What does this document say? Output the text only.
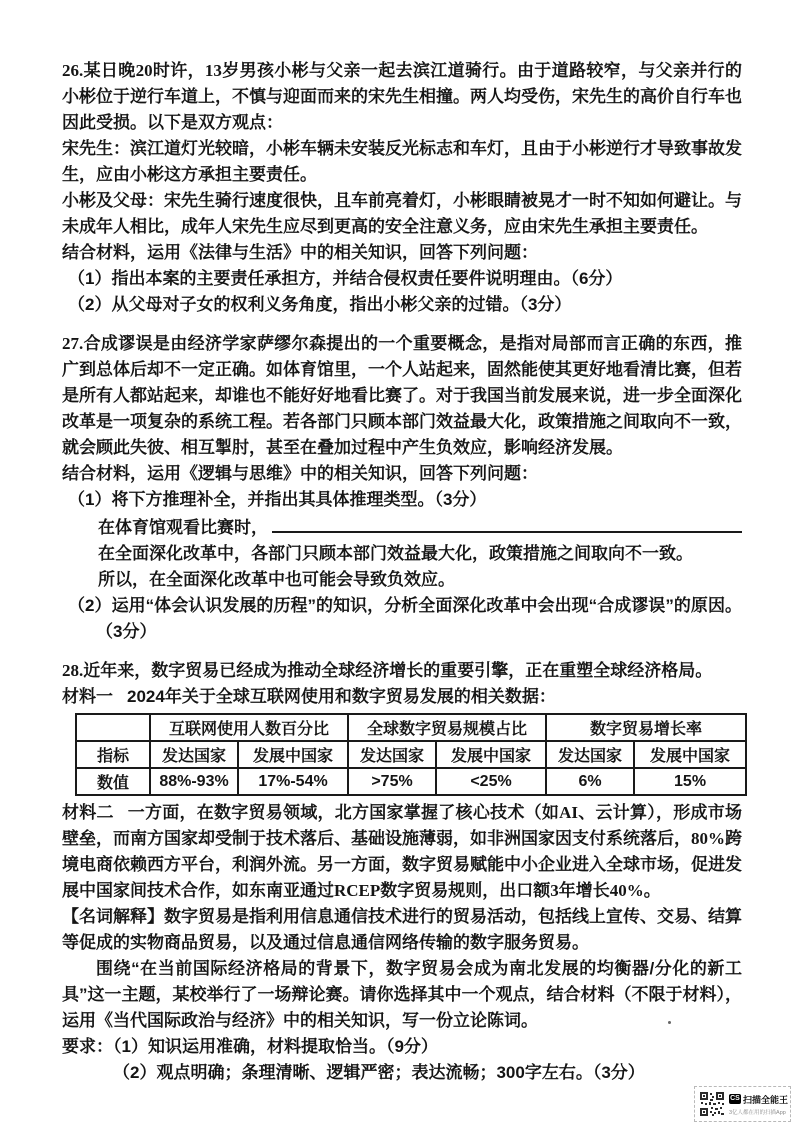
26.某日晚20时许，13岁男孩小彬与父亲一起去滨江道骑行。由于道路较窄，与父亲并行的小彬位于逆行车道上，不慎与迎面而来的宋先生相撞。两人均受伤，宋先生的高价自行车也因此受损。以下是双方观点：

宋先生：滨江道灯光较暗，小彬车辆未安装反光标志和车灯，且由于小彬逆行才导致事故发生，应由小彬这方承担主要责任。

小彬及父母：宋先生骑行速度很快，且车前亮着灯，小彬眼睛被晃才一时不知如何避让。与未成年人相比，成年人宋先生应尽到更高的安全注意义务，应由宋先生承担主要责任。

结合材料，运用《法律与生活》中的相关知识，回答下列问题：

（1）指出本案的主要责任承担方，并结合侵权责任要件说明理由。（6分）

（2）从父母对子女的权利义务角度，指出小彬父亲的过错。（3分）

27.合成谬误是由经济学家萨缪尔森提出的一个重要概念，是指对局部而言正确的东西，推广到总体后却不一定正确。如体育馆里，一个人站起来，固然能使其更好地看清比赛，但若是所有人都站起来，却谁也不能好好地看比赛了。对于我国当前发展来说，进一步全面深化改革是一项复杂的系统工程。若各部门只顾本部门效益最大化，政策措施之间取向不一致，就会顾此失彼、相互掣肘，甚至在叠加过程中产生负效应，影响经济发展。

结合材料，运用《逻辑与思维》中的相关知识，回答下列问题：

（1）将下方推理补全，并指出其具体推理类型。（3分）

在体育馆观看比赛时，

在全面深化改革中，各部门只顾本部门效益最大化，政策措施之间取向不一致。

所以，在全面深化改革中也可能会导致负效应。

（2）运用“体会认识发展的历程”的知识，分析全面深化改革中会出现“合成谬误”的原因。（3分）

28.近年来，数字贸易已经成为推动全球经济增长的重要引擎，正在重塑全球经济格局。

材料一 2024年关于全球互联网使用和数字贸易发展的相关数据：

	互联网使用人数百分比		全球数字贸易规模占比		数字贸易增长率	
指标	发达国家	发展中国家	发达国家	发展中国家	发达国家	发展中国家
数值	88%-93%	17%-54%	>75%	<25%	6%	15%

材料二 一方面，在数字贸易领域，北方国家掌握了核心技术（如AI、云计算），形成市场壁垒，而南方国家却受制于技术落后、基础设施薄弱，如非洲国家因支付系统落后，80%跨境电商依赖西方平台，利润外流。另一方面，数字贸易赋能中小企业进入全球市场，促进发展中国家间技术合作，如东南亚通过RCEP数字贸易规则，出口额3年增长40%。

【名词解释】数字贸易是指利用信息通信技术进行的贸易活动，包括线上宣传、交易、结算等促成的实物商品贸易，以及通过信息通信网络传输的数字服务贸易。

围绕“在当前国际经济格局的背景下，数字贸易会成为南北发展的均衡器/分化的新工具”这一主题，某校举行了一场辩论赛。请你选择其中一个观点，结合材料（不限于材料），运用《当代国际政治与经济》中的相关知识，写一份立论陈词。

要求：（1）知识运用准确，材料提取恰当。（9分）

（2）观点明确；条理清晰、逻辑严密；表达流畅；300字左右。（3分）

CS 扫描全能王
3亿人都在用的扫描App
